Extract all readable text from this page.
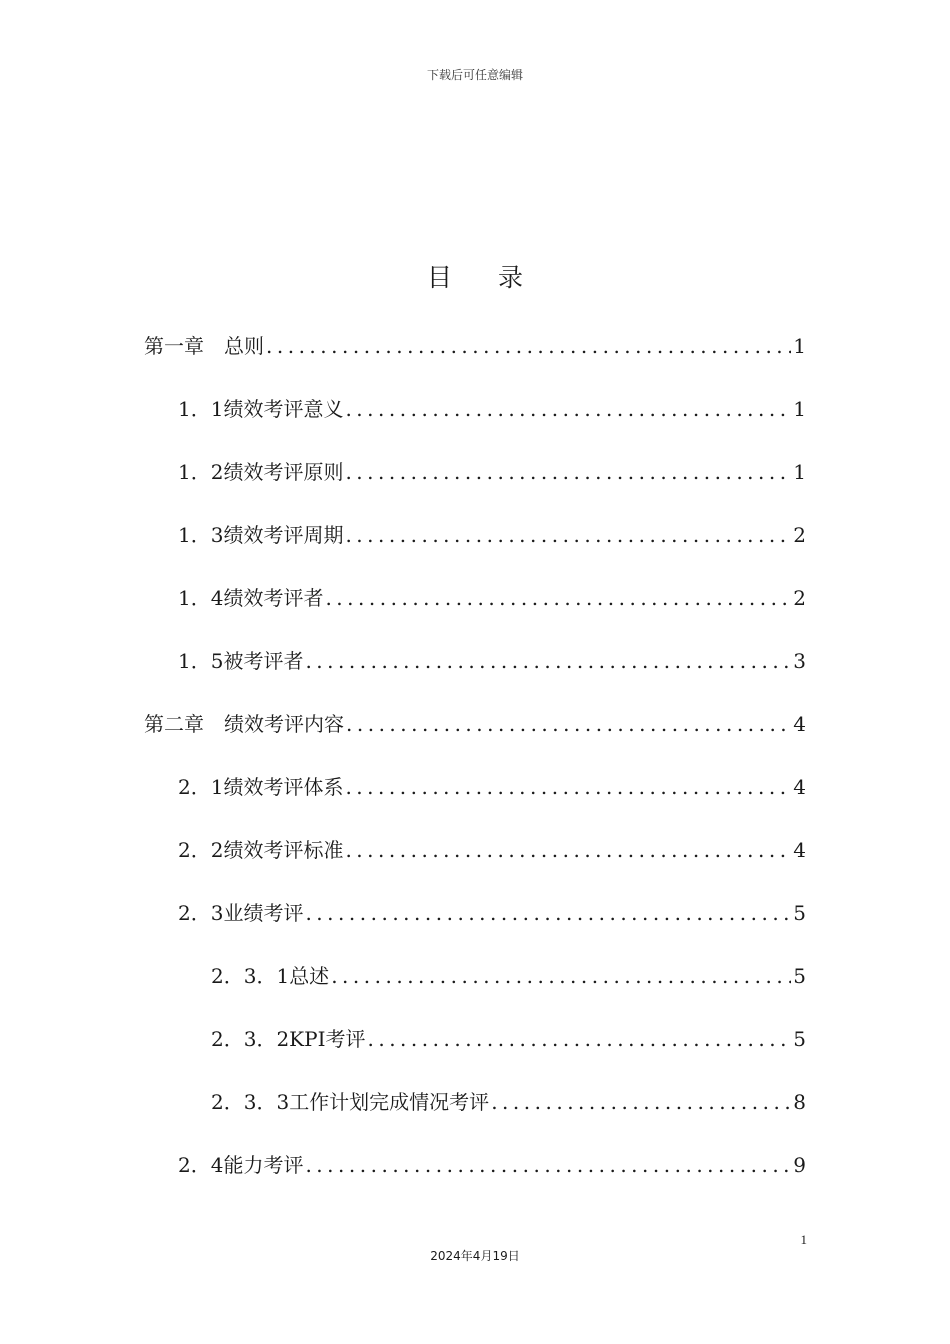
下载后可任意编辑
目录
第一章　总则 .....	1
1．1绩效考评意义 .....	1
1．2绩效考评原则 .....	1
1．3绩效考评周期 .....	2
1．4绩效考评者 .....	2
1．5被考评者 .....	3
第二章　绩效考评内容 .....	4
2．1绩效考评体系 .....	4
2．2绩效考评标准 .....	4
2．3业绩考评 .....	5
2．3．1总述 .....	5
2．3．2KPI考评 .....	5
2．3．3工作计划完成情况考评 .....	8
2．4能力考评 .....	9
1
2024年4月19日
